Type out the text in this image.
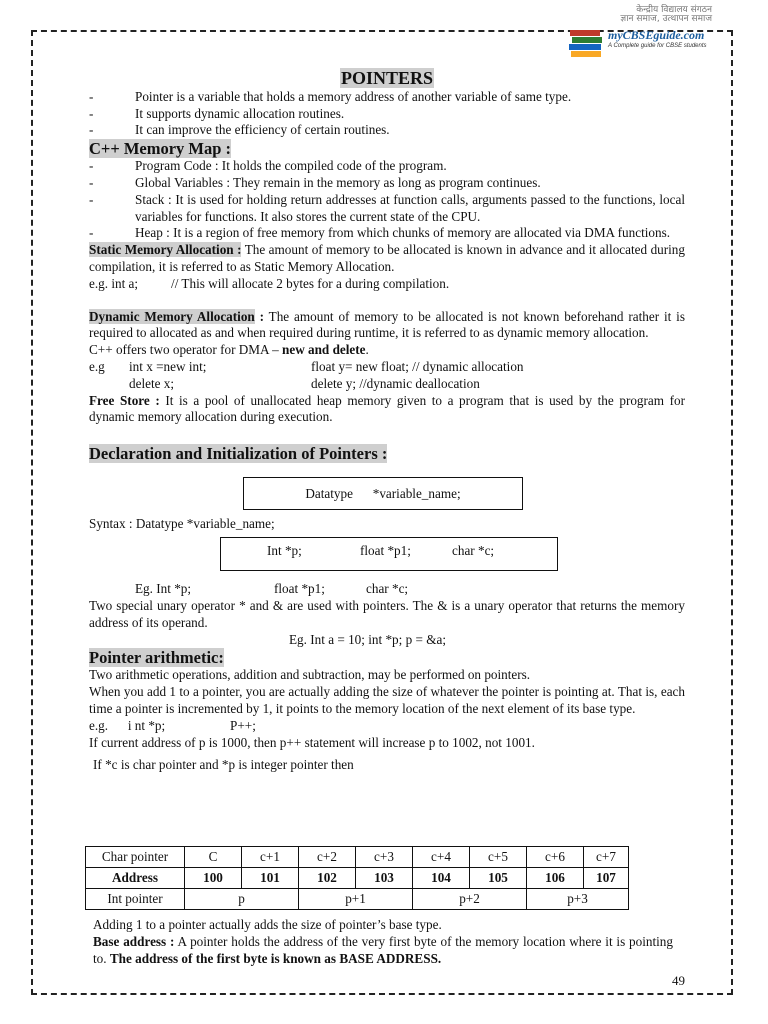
केन्द्रीय विद्यालय संगठन
ज्ञान समाज, उत्थापन समाज
myCBSEguide.com
A Complete guide for CBSE students
POINTERS
-	Pointer is a variable that holds a memory address of another variable of same type.
-	It supports dynamic allocation routines.
-	It can improve the efficiency of certain routines.
C++ Memory Map :
-	Program Code : It holds the compiled code of the program.
-	Global Variables : They remain in the memory as long as program continues.
-	Stack : It is used for holding return addresses at function calls, arguments passed to the functions, local variables for functions. It also stores the current state of the CPU.
-	Heap : It is a region of free memory from which chunks of memory are allocated via DMA functions.

Static Memory Allocation : The amount of memory to be allocated is known in advance and it allocated during compilation, it is referred to as Static Memory Allocation.

e.g. int a;          // This will allocate 2 bytes for a during compilation.

Dynamic Memory Allocation : The amount of memory to be allocated is not known beforehand rather it is required to allocated as and when required during runtime, it is referred to as dynamic memory allocation.

C++ offers two operator for DMA – new and delete.

e.g int x =new int;	float y= new float; // dynamic allocation
delete x;	delete y; //dynamic deallocation

Free Store : It is a pool of unallocated heap memory given to a program that is used by the program for dynamic memory allocation during execution.

Declaration and Initialization of Pointers :
Datatype      *variable_name;

Syntax : Datatype *variable_name;

Int *p;	float *p1;	char *c;
Eg. Int *p;	float *p1;	char *c;

Two special unary operator * and & are used with pointers. The & is a unary operator that returns the memory address of its operand.

Eg. Int a = 10; int *p; p = &a;

Pointer arithmetic:

Two arithmetic operations, addition and subtraction, may be performed on pointers.

When you add 1 to a pointer, you are actually adding the size of whatever the pointer is pointing at. That is, each time a pointer is incremented by 1, it points to the memory location of the next element of its base type.

e.g.      i nt *p;	P++;

If current address of p is 1000, then p++ statement will increase p to 1002, not 1001.

If *c is char pointer and *p is integer pointer then

Char pointer	C	c+1	c+2	c+3	c+4	c+5	c+6	c+7
Address	100	101	102	103	104	105	106	107
Int pointer	p		p+1		p+2		p+3	

Adding 1 to a pointer actually adds the size of pointer’s base type.

Base address : A pointer holds the address of the very first byte of the memory location where it is pointing to. The address of the first byte is known as BASE ADDRESS.

49
